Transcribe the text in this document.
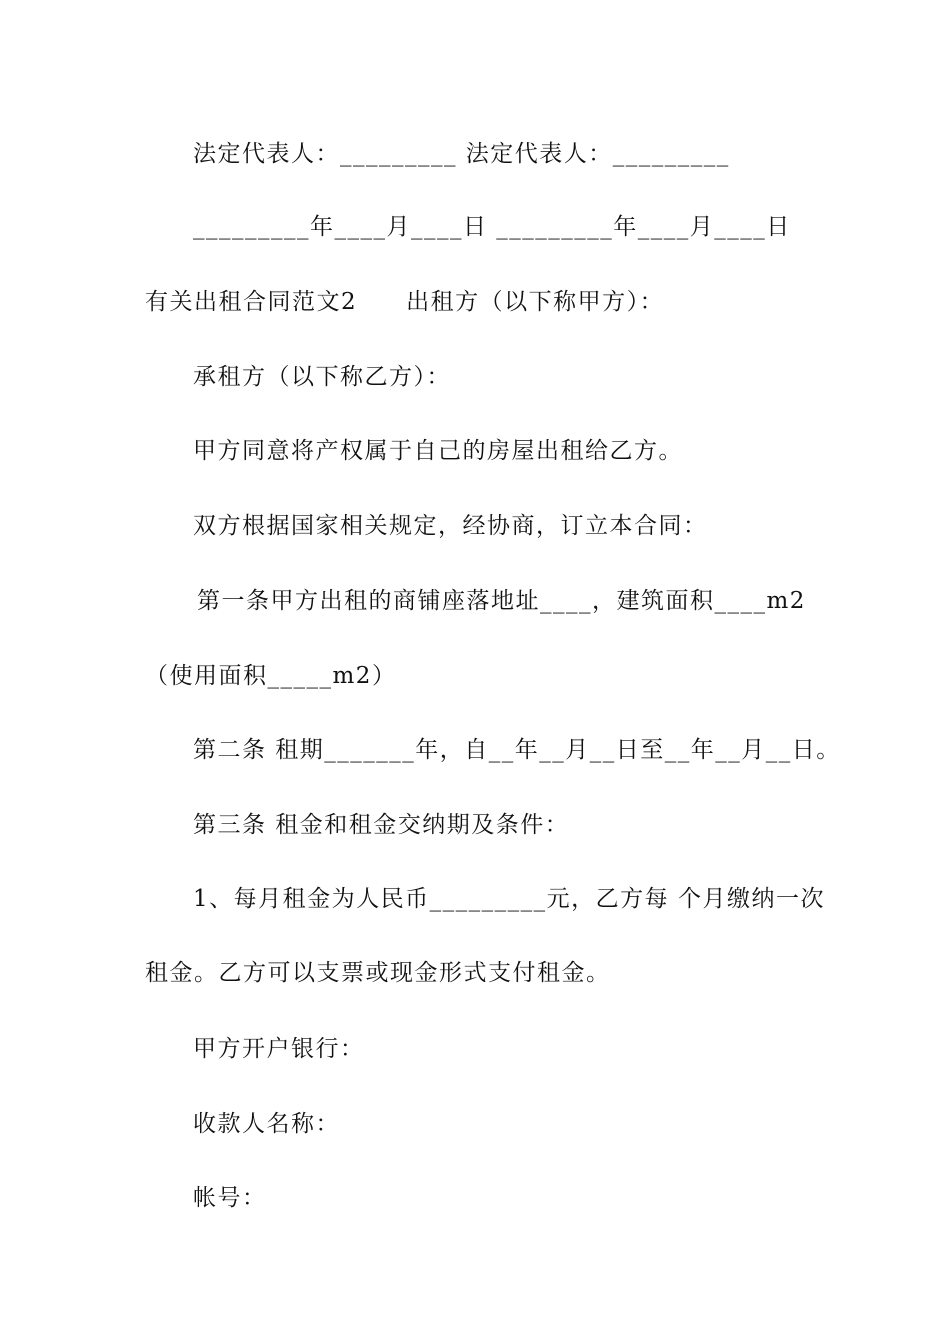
法定代表人：_________ 法定代表人：_________
_________年____月____日 _________年____月____日
有关出租合同范文2　　出租方（以下称甲方）：
承租方（以下称乙方）：
甲方同意将产权属于自己的房屋出租给乙方。
双方根据国家相关规定，经协商，订立本合同：
第一条甲方出租的商铺座落地址____，建筑面积____m2
（使用面积_____m2）
第二条 租期_______年，自__年__月__日至__年__月__日。
第三条 租金和租金交纳期及条件：
1、每月租金为人民币_________元，乙方每 个月缴纳一次
租金。乙方可以支票或现金形式支付租金。
甲方开户银行：
收款人名称：
帐号：
